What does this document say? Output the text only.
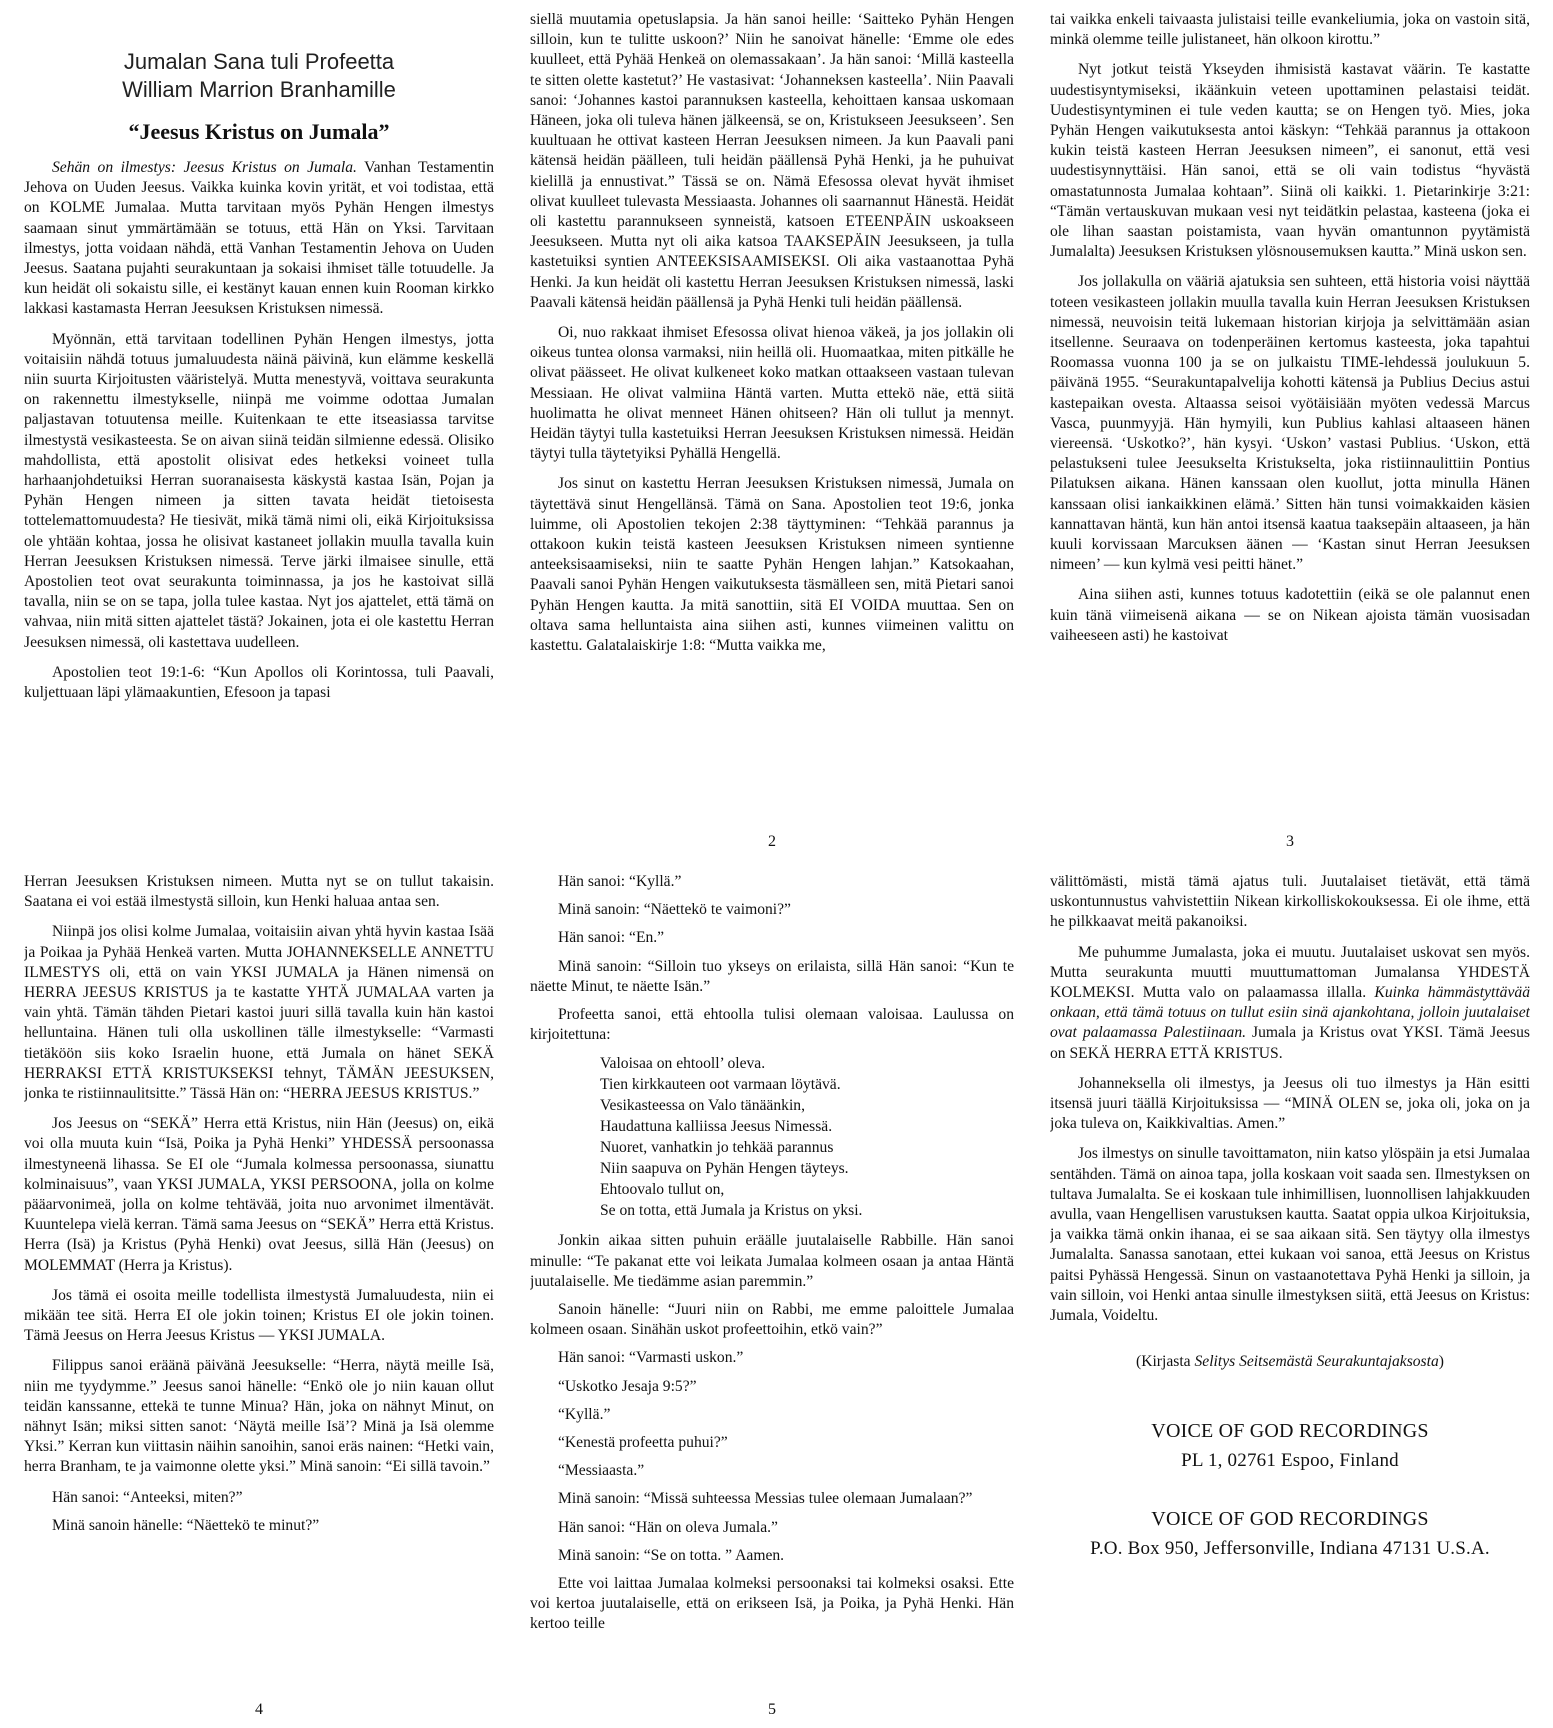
Jumalan Sana tuli Profeetta
William Marrion Branhamille
“Jeesus Kristus on Jumala”

Sehän on ilmestys: Jeesus Kristus on Jumala. Vanhan Testamentin Jehova on Uuden Jeesus. Vaikka kuinka kovin yrität, et voi todistaa, että on KOLME Jumalaa. Mutta tarvitaan myös Pyhän Hengen ilmestys saamaan sinut ymmärtämään se totuus, että Hän on Yksi. Tarvitaan ilmestys, jotta voidaan nähdä, että Vanhan Testamentin Jehova on Uuden Jeesus. Saatana pujahti seurakuntaan ja sokaisi ihmiset tälle totuudelle. Ja kun heidät oli sokaistu sille, ei kestänyt kauan ennen kuin Rooman kirkko lakkasi kastamasta Herran Jeesuksen Kristuksen nimessä.

Myönnän, että tarvitaan todellinen Pyhän Hengen ilmestys, jotta voitaisiin nähdä totuus jumaluudesta näinä päivinä, kun elämme keskellä niin suurta Kirjoitusten vääristelyä. Mutta menestyvä, voittava seurakunta on rakennettu ilmestykselle, niinpä me voimme odottaa Jumalan paljastavan totuutensa meille. Kuitenkaan te ette itseasiassa tarvitse ilmestystä vesikasteesta. Se on aivan siinä teidän silmienne edessä. Olisiko mahdollista, että apostolit olisivat edes hetkeksi voineet tulla harhaanjohdetuiksi Herran suoranaisesta käskystä kastaa Isän, Pojan ja Pyhän Hengen nimeen ja sitten tavata heidät tietoisesta tottelemattomuudesta? He tiesivät, mikä tämä nimi oli, eikä Kirjoituksissa ole yhtään kohtaa, jossa he olisivat kastaneet jollakin muulla tavalla kuin Herran Jeesuksen Kristuksen nimessä. Terve järki ilmaisee sinulle, että Apostolien teot ovat seurakunta toiminnassa, ja jos he kastoivat sillä tavalla, niin se on se tapa, jolla tulee kastaa. Nyt jos ajattelet, että tämä on vahvaa, niin mitä sitten ajattelet tästä? Jokainen, jota ei ole kastettu Herran Jeesuksen nimessä, oli kastettava uudelleen.

Apostolien teot 19:1-6: “Kun Apollos oli Korintossa, tuli Paavali, kuljettuaan läpi ylämaakuntien, Efesoon ja tapasi

siellä muutamia opetuslapsia. Ja hän sanoi heille: ‘Saitteko Pyhän Hengen silloin, kun te tulitte uskoon?’ Niin he sanoivat hänelle: ‘Emme ole edes kuulleet, että Pyhää Henkeä on olemassakaan’. Ja hän sanoi: ‘Millä kasteella te sitten olette kastetut?’ He vastasivat: ‘Johanneksen kasteella’. Niin Paavali sanoi: ‘Johannes kastoi parannuksen kasteella, kehoittaen kansaa uskomaan Häneen, joka oli tuleva hänen jälkeensä, se on, Kristukseen Jeesukseen’. Sen kuultuaan he ottivat kasteen Herran Jeesuksen nimeen. Ja kun Paavali pani kätensä heidän päälleen, tuli heidän päällensä Pyhä Henki, ja he puhuivat kielillä ja ennustivat.” Tässä se on. Nämä Efesossa olevat hyvät ihmiset olivat kuulleet tulevasta Messiaasta. Johannes oli saarnannut Hänestä. Heidät oli kastettu parannukseen synneistä, katsoen ETEENPÄIN uskoakseen Jeesukseen. Mutta nyt oli aika katsoa TAAKSEPÄIN Jeesukseen, ja tulla kastetuiksi syntien ANTEEKSISAAMISEKSI. Oli aika vastaanottaa Pyhä Henki. Ja kun heidät oli kastettu Herran Jeesuksen Kristuksen nimessä, laski Paavali kätensä heidän päällensä ja Pyhä Henki tuli heidän päällensä.

Oi, nuo rakkaat ihmiset Efesossa olivat hienoa väkeä, ja jos jollakin oli oikeus tuntea olonsa varmaksi, niin heillä oli. Huomaatkaa, miten pitkälle he olivat päässeet. He olivat kulkeneet koko matkan ottaakseen vastaan tulevan Messiaan. He olivat valmiina Häntä varten. Mutta ettekö näe, että siitä huolimatta he olivat menneet Hänen ohitseen? Hän oli tullut ja mennyt. Heidän täytyi tulla kastetuiksi Herran Jeesuksen Kristuksen nimessä. Heidän täytyi tulla täytetyiksi Pyhällä Hengellä.

Jos sinut on kastettu Herran Jeesuksen Kristuksen nimessä, Jumala on täytettävä sinut Hengellänsä. Tämä on Sana. Apostolien teot 19:6, jonka luimme, oli Apostolien tekojen 2:38 täyttyminen: “Tehkää parannus ja ottakoon kukin teistä kasteen Jeesuksen Kristuksen nimeen syntienne anteeksisaamiseksi, niin te saatte Pyhän Hengen lahjan.” Katsokaahan, Paavali sanoi Pyhän Hengen vaikutuksesta täsmälleen sen, mitä Pietari sanoi Pyhän Hengen kautta. Ja mitä sanottiin, sitä EI VOIDA muuttaa. Sen on oltava sama helluntaista aina siihen asti, kunnes viimeinen valittu on kastettu. Galatalaiskirje 1:8: “Mutta vaikka me,

2

tai vaikka enkeli taivaasta julistaisi teille evankeliumia, joka on vastoin sitä, minkä olemme teille julistaneet, hän olkoon kirottu.”

Nyt jotkut teistä Ykseyden ihmisistä kastavat väärin. Te kastatte uudestisyntymiseksi, ikäänkuin veteen upottaminen pelastaisi teidät. Uudestisyntyminen ei tule veden kautta; se on Hengen työ. Mies, joka Pyhän Hengen vaikutuksesta antoi käskyn: “Tehkää parannus ja ottakoon kukin teistä kasteen Herran Jeesuksen nimeen”, ei sanonut, että vesi uudestisynnyttäisi. Hän sanoi, että se oli vain todistus “hyvästä omastatunnosta Jumalaa kohtaan”. Siinä oli kaikki. 1. Pietarinkirje 3:21: “Tämän vertauskuvan mukaan vesi nyt teidätkin pelastaa, kasteena (joka ei ole lihan saastan poistamista, vaan hyvän omantunnon pyytämistä Jumalalta) Jeesuksen Kristuksen ylösnousemuksen kautta.” Minä uskon sen.

Jos jollakulla on vääriä ajatuksia sen suhteen, että historia voisi näyttää toteen vesikasteen jollakin muulla tavalla kuin Herran Jeesuksen Kristuksen nimessä, neuvoisin teitä lukemaan historian kirjoja ja selvittämään asian itsellenne. Seuraava on todenperäinen kertomus kasteesta, joka tapahtui Roomassa vuonna 100 ja se on julkaistu TIME-lehdessä joulukuun 5. päivänä 1955. “Seurakuntapalvelija kohotti kätensä ja Publius Decius astui kastepaikan ovesta. Altaassa seisoi vyötäisiään myöten vedessä Marcus Vasca, puunmyyjä. Hän hymyili, kun Publius kahlasi altaaseen hänen viereensä. ‘Uskotko?’, hän kysyi. ‘Uskon’ vastasi Publius. ‘Uskon, että pelastukseni tulee Jeesukselta Kristukselta, joka ristiinnaulittiin Pontius Pilatuksen aikana. Hänen kanssaan olen kuollut, jotta minulla Hänen kanssaan olisi iankaikkinen elämä.’ Sitten hän tunsi voimakkaiden käsien kannattavan häntä, kun hän antoi itsensä kaatua taaksepäin altaaseen, ja hän kuuli korvissaan Marcuksen äänen — ‘Kastan sinut Herran Jeesuksen nimeen’ — kun kylmä vesi peitti hänet.”

Aina siihen asti, kunnes totuus kadotettiin (eikä se ole palannut enen kuin tänä viimeisenä aikana — se on Nikean ajoista tämän vuosisadan vaiheeseen asti) he kastoivat

3

Herran Jeesuksen Kristuksen nimeen. Mutta nyt se on tullut takaisin. Saatana ei voi estää ilmestystä silloin, kun Henki haluaa antaa sen.

Niinpä jos olisi kolme Jumalaa, voitaisiin aivan yhtä hyvin kastaa Isää ja Poikaa ja Pyhää Henkeä varten. Mutta JOHANNEKSELLE ANNETTU ILMESTYS oli, että on vain YKSI JUMALA ja Hänen nimensä on HERRA JEESUS KRISTUS ja te kastatte YHTÄ JUMALAA varten ja vain yhtä. Tämän tähden Pietari kastoi juuri sillä tavalla kuin hän kastoi helluntaina. Hänen tuli olla uskollinen tälle ilmestykselle: “Varmasti tietäköön siis koko Israelin huone, että Jumala on hänet SEKÄ HERRAKSI ETTÄ KRISTUKSEKSI tehnyt, TÄMÄN JEESUKSEN, jonka te ristiinnaulitsitte.” Tässä Hän on: “HERRA JEESUS KRISTUS.”

Jos Jeesus on “SEKÄ” Herra että Kristus, niin Hän (Jeesus) on, eikä voi olla muuta kuin “Isä, Poika ja Pyhä Henki” YHDESSÄ persoonassa ilmestyneenä lihassa. Se EI ole “Jumala kolmessa persoonassa, siunattu kolminaisuus”, vaan YKSI JUMALA, YKSI PERSOONA, jolla on kolme pääarvonimeä, jolla on kolme tehtävää, joita nuo arvonimet ilmentävät. Kuuntelepa vielä kerran. Tämä sama Jeesus on “SEKÄ” Herra että Kristus. Herra (Isä) ja Kristus (Pyhä Henki) ovat Jeesus, sillä Hän (Jeesus) on MOLEMMAT (Herra ja Kristus).

Jos tämä ei osoita meille todellista ilmestystä Jumaluudesta, niin ei mikään tee sitä. Herra EI ole jokin toinen; Kristus EI ole jokin toinen. Tämä Jeesus on Herra Jeesus Kristus — YKSI JUMALA.

Filippus sanoi eräänä päivänä Jeesukselle: “Herra, näytä meille Isä, niin me tyydymme.” Jeesus sanoi hänelle: “Enkö ole jo niin kauan ollut teidän kanssanne, ettekä te tunne Minua? Hän, joka on nähnyt Minut, on nähnyt Isän; miksi sitten sanot: ‘Näytä meille Isä’? Minä ja Isä olemme Yksi.” Kerran kun viittasin näihin sanoihin, sanoi eräs nainen: “Hetki vain, herra Branham, te ja vaimonne olette yksi.” Minä sanoin: “Ei sillä tavoin.”

Hän sanoi: “Anteeksi, miten?”

Minä sanoin hänelle: “Näettekö te minut?”

4

Hän sanoi: “Kyllä.”

Minä sanoin: “Näettekö te vaimoni?”

Hän sanoi: “En.”

Minä sanoin: “Silloin tuo ykseys on erilaista, sillä Hän sanoi: “Kun te näette Minut, te näette Isän.”

Profeetta sanoi, että ehtoolla tulisi olemaan valoisaa. Laulussa on kirjoitettuna:

Valoisaa on ehtooll’ oleva.
Tien kirkkauteen oot varmaan löytävä.
Vesikasteessa on Valo tänäänkin,
Haudattuna kalliissa Jeesus Nimessä.
Nuoret, vanhatkin jo tehkää parannus
Niin saapuva on Pyhän Hengen täyteys.
Ehtoovalo tullut on,
Se on totta, että Jumala ja Kristus on yksi.

Jonkin aikaa sitten puhuin eräälle juutalaiselle Rabbille. Hän sanoi minulle: “Te pakanat ette voi leikata Jumalaa kolmeen osaan ja antaa Häntä juutalaiselle. Me tiedämme asian paremmin.”

Sanoin hänelle: “Juuri niin on Rabbi, me emme paloittele Jumalaa kolmeen osaan. Sinähän uskot profeettoihin, etkö vain?”

Hän sanoi: “Varmasti uskon.”

“Uskotko Jesaja 9:5?”

“Kyllä.”

“Kenestä profeetta puhui?”

“Messiaasta.”

Minä sanoin: “Missä suhteessa Messias tulee olemaan Jumalaan?”

Hän sanoi: “Hän on oleva Jumala.”

Minä sanoin: “Se on totta. ” Aamen.

Ette voi laittaa Jumalaa kolmeksi persoonaksi tai kolmeksi osaksi. Ette voi kertoa juutalaiselle, että on erikseen Isä, ja Poika, ja Pyhä Henki. Hän kertoo teille

5

välittömästi, mistä tämä ajatus tuli. Juutalaiset tietävät, että tämä uskontunnustus vahvistettiin Nikean kirkolliskokouksessa. Ei ole ihme, että he pilkkaavat meitä pakanoiksi.

Me puhumme Jumalasta, joka ei muutu. Juutalaiset uskovat sen myös. Mutta seurakunta muutti muuttumattoman Jumalansa YHDESTÄ KOLMEKSI. Mutta valo on palaamassa illalla. Kuinka hämmästyttävää onkaan, että tämä totuus on tullut esiin sinä ajankohtana, jolloin juutalaiset ovat palaamassa Palestiinaan. Jumala ja Kristus ovat YKSI. Tämä Jeesus on SEKÄ HERRA ETTÄ KRISTUS.

Johanneksella oli ilmestys, ja Jeesus oli tuo ilmestys ja Hän esitti itsensä juuri täällä Kirjoituksissa — “MINÄ OLEN se, joka oli, joka on ja joka tuleva on, Kaikkivaltias. Amen.”

Jos ilmestys on sinulle tavoittamaton, niin katso ylöspäin ja etsi Jumalaa sentähden. Tämä on ainoa tapa, jolla koskaan voit saada sen. Ilmestyksen on tultava Jumalalta. Se ei koskaan tule inhimillisen, luonnollisen lahjakkuuden avulla, vaan Hengellisen varustuksen kautta. Saatat oppia ulkoa Kirjoituksia, ja vaikka tämä onkin ihanaa, ei se saa aikaan sitä. Sen täytyy olla ilmestys Jumalalta. Sanassa sanotaan, ettei kukaan voi sanoa, että Jeesus on Kristus paitsi Pyhässä Hengessä. Sinun on vastaanotettava Pyhä Henki ja silloin, ja vain silloin, voi Henki antaa sinulle ilmestyksen siitä, että Jeesus on Kristus: Jumala, Voideltu.

(Kirjasta Selitys Seitsemästä Seurakuntajaksosta)
VOICE OF GOD RECORDINGS
PL 1, 02761 Espoo, Finland
VOICE OF GOD RECORDINGS
P.O. Box 950, Jeffersonville, Indiana 47131 U.S.A.
